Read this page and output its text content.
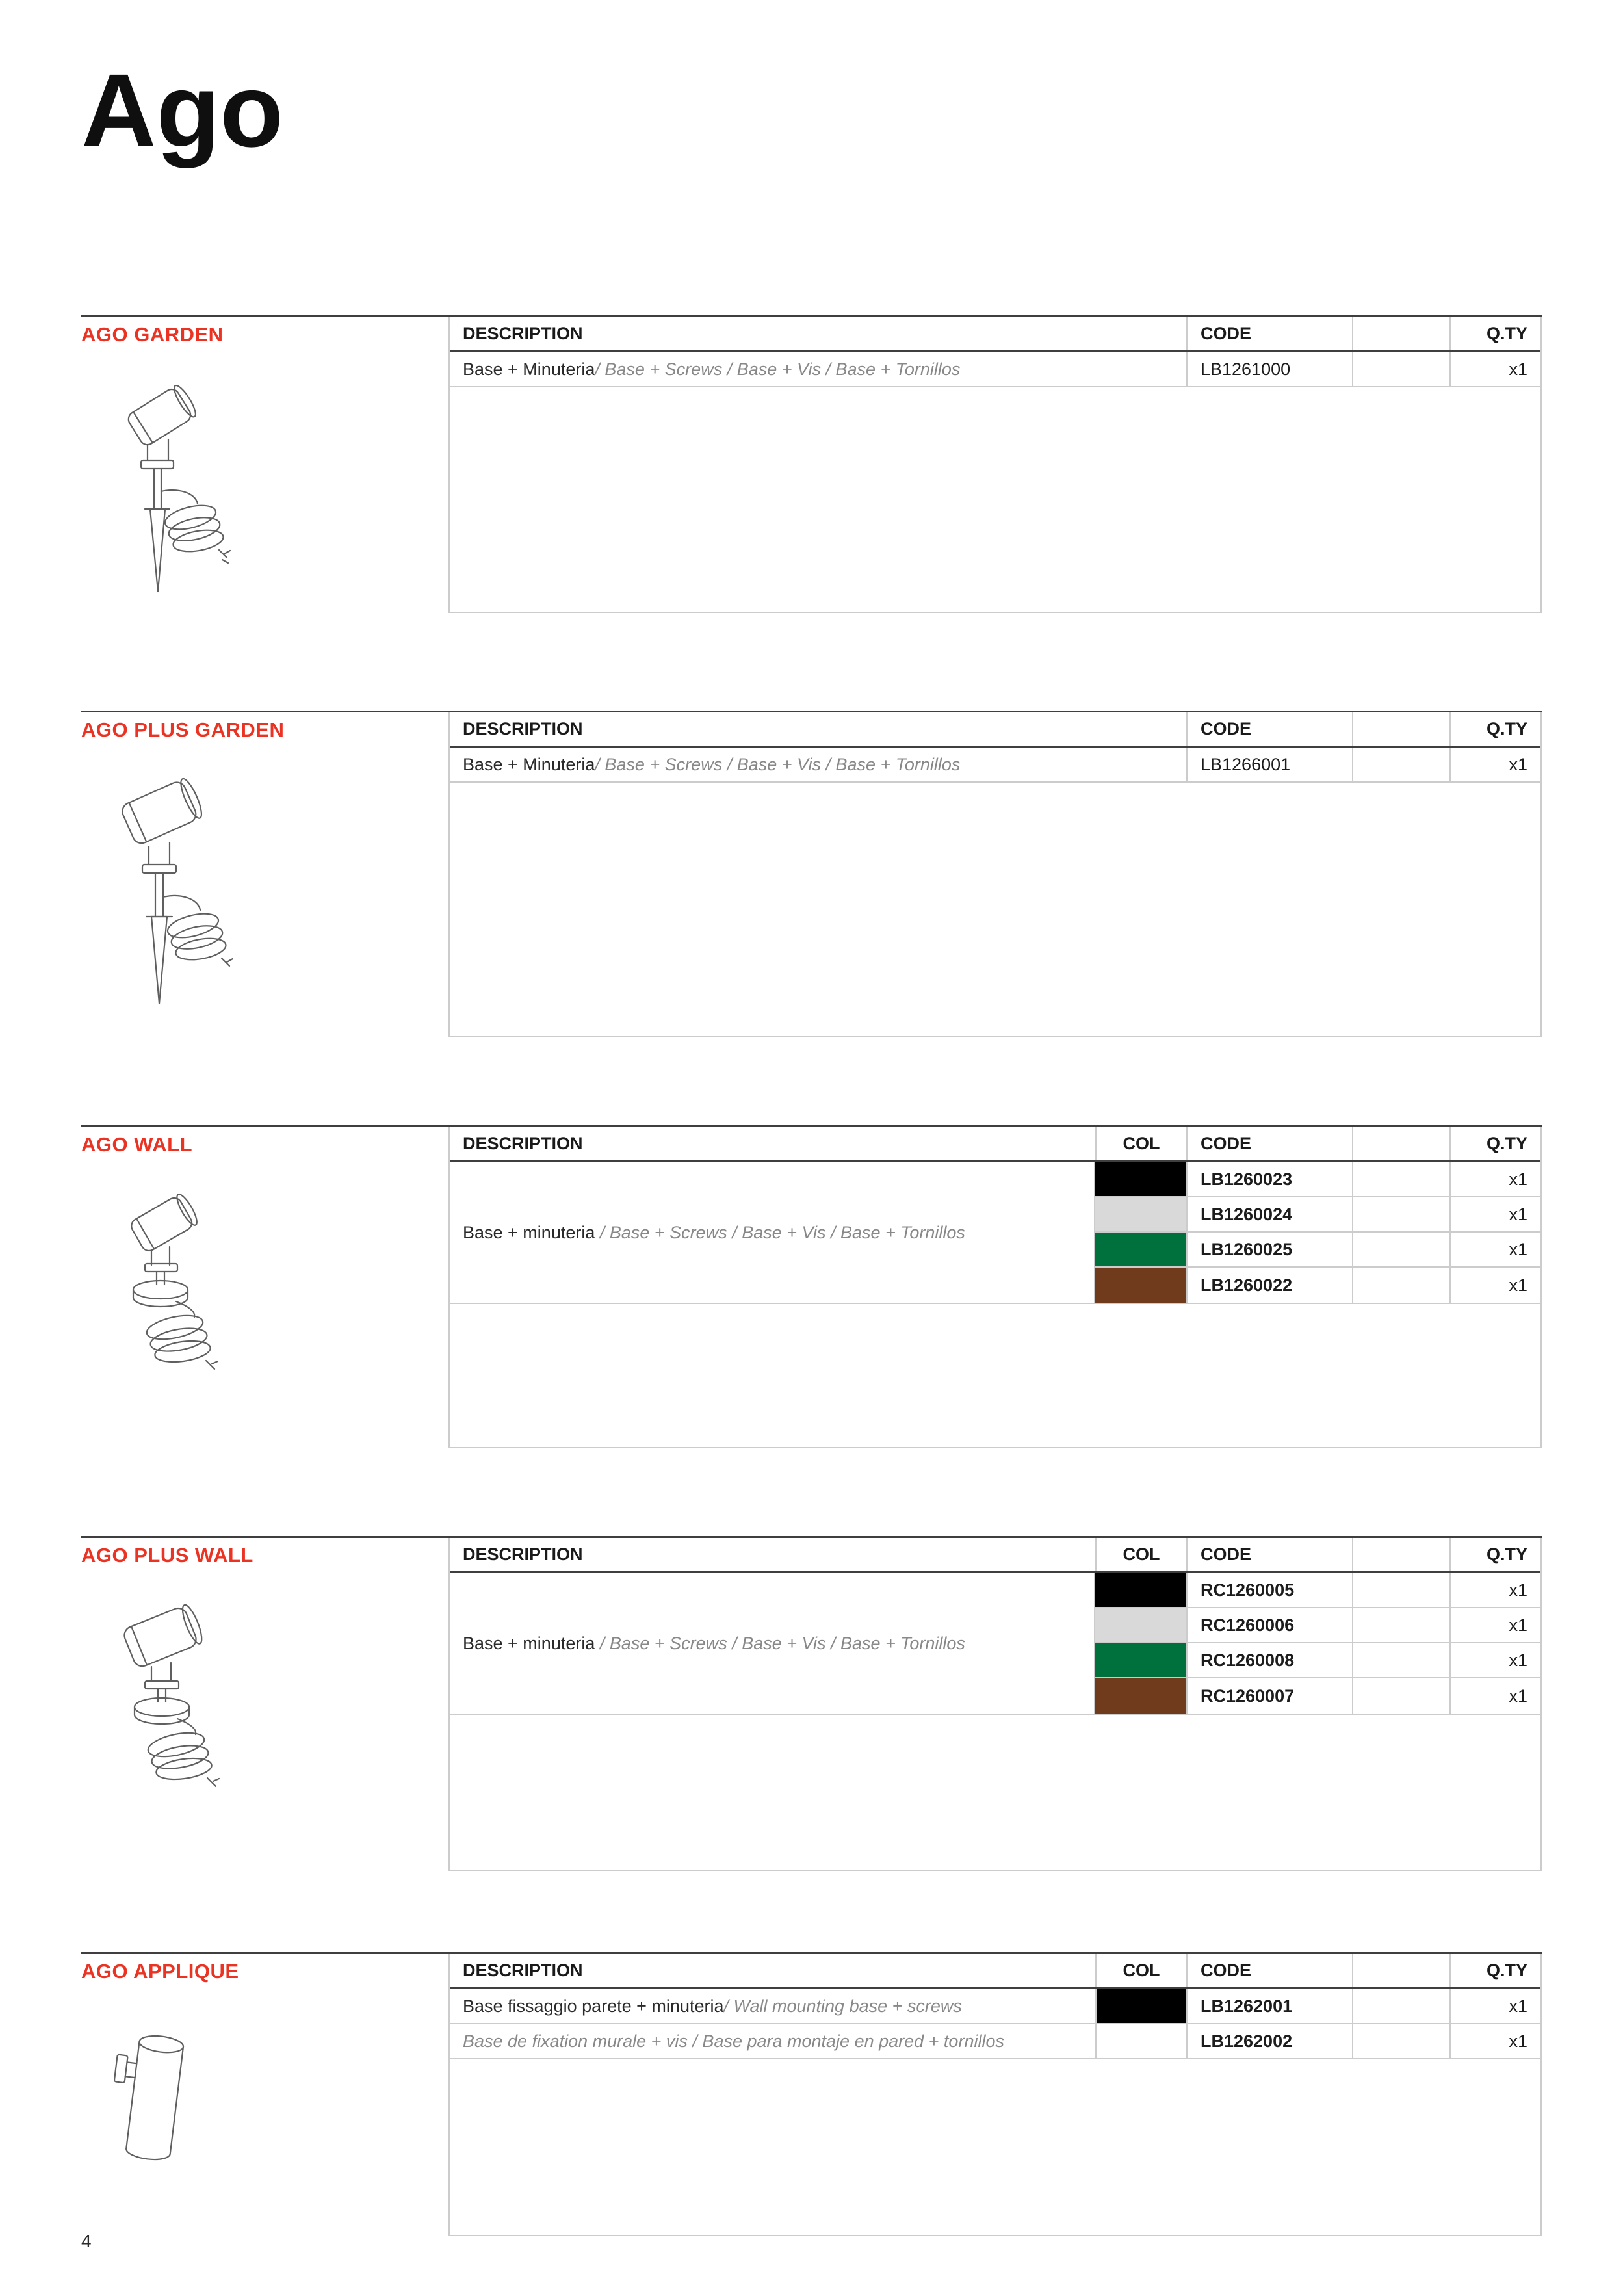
Ago
AGO GARDEN	DESCRIPTION	CODE	Q.TY
Base + Minuteria / Base + Screws / Base + Vis / Base + Tornillos	LB1261000	x1
AGO PLUS GARDEN	DESCRIPTION	CODE	Q.TY
Base + Minuteria / Base + Screws / Base + Vis / Base + Tornillos	LB1266001	x1
AGO WALL	DESCRIPTION	COL	CODE	Q.TY
Base + minuteria / Base + Screws / Base + Vis / Base + Tornillos
LB1260023	x1
LB1260024	x1
LB1260025	x1
LB1260022	x1
AGO PLUS WALL	DESCRIPTION	COL	CODE	Q.TY
Base + minuteria / Base + Screws / Base + Vis / Base + Tornillos
RC1260005	x1
RC1260006	x1
RC1260008	x1
RC1260007	x1
AGO APPLIQUE	DESCRIPTION	COL	CODE	Q.TY
Base fissaggio parete + minuteria / Wall mounting base + screws	LB1262001	x1
Base de fixation murale + vis / Base para montaje en pared + tornillos	LB1262002	x1
4
